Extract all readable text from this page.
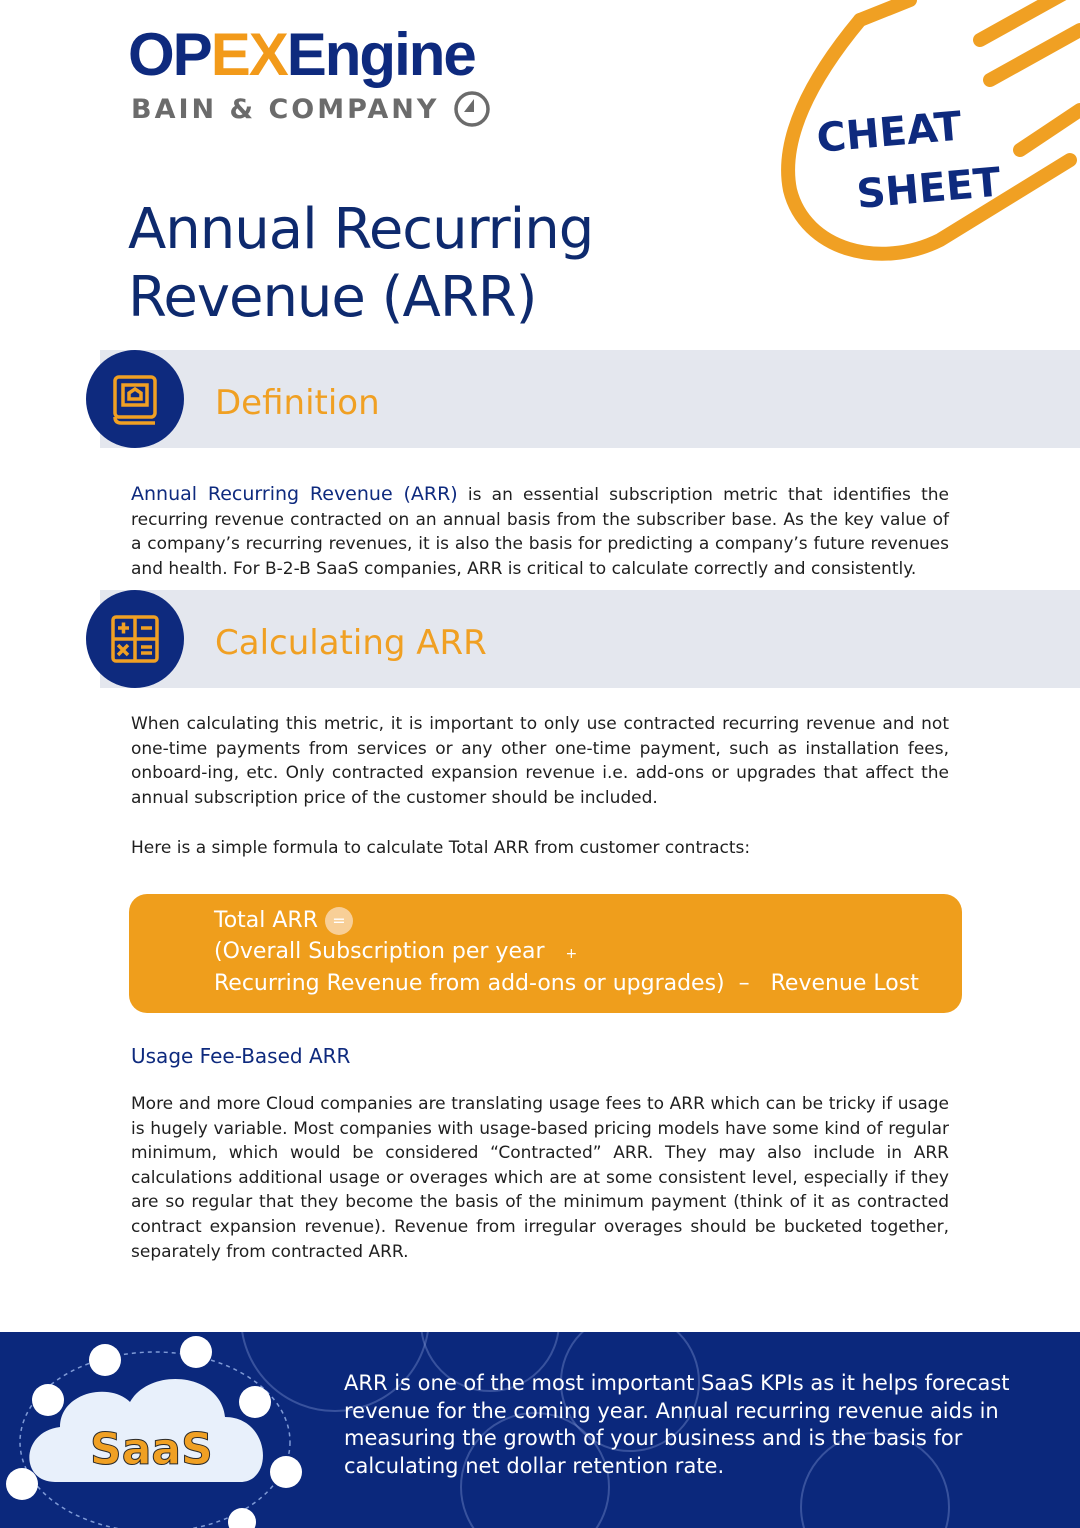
OPEXEngine
BAIN & COMPANY	CHEAT
SHEET
Annual Recurring
Revenue (ARR)
Definition
Annual Recurring Revenue (ARR) is an essential subscription metric that identifies the recurring revenue contracted on an annual basis from the subscriber base. As the key value of a company’s recurring revenues, it is also the basis for predicting a company’s future revenues and health. For B-2-B SaaS companies, ARR is critical to calculate correctly and consistently.
Calculating ARR
When calculating this metric, it is important to only use contracted recurring revenue and not one-time payments from services or any other one-time payment, such as installation fees, onboard-ing, etc. Only contracted expansion revenue i.e. add-ons or upgrades that affect the annual subscription price of the customer should be included.
Here is a simple formula to calculate Total ARR from customer contracts:
Total ARR =
(Overall Subscription per year +
Recurring Revenue from add-ons or upgrades) – Revenue Lost
Usage Fee-Based ARR
More and more Cloud companies are translating usage fees to ARR which can be tricky if usage is hugely variable. Most companies with usage-based pricing models have some kind of regular minimum, which would be considered “Contracted” ARR. They may also include in ARR calculations additional usage or overages which are at some consistent level, especially if they are so regular that they become the basis of the minimum payment (think of it as contracted contract expansion revenue). Revenue from irregular overages should be bucketed together, separately from contracted ARR.
SaaS
ARR is one of the most important SaaS KPIs as it helps forecast revenue for the coming year. Annual recurring revenue aids in measuring the growth of your business and is the basis for calculating net dollar retention rate.
